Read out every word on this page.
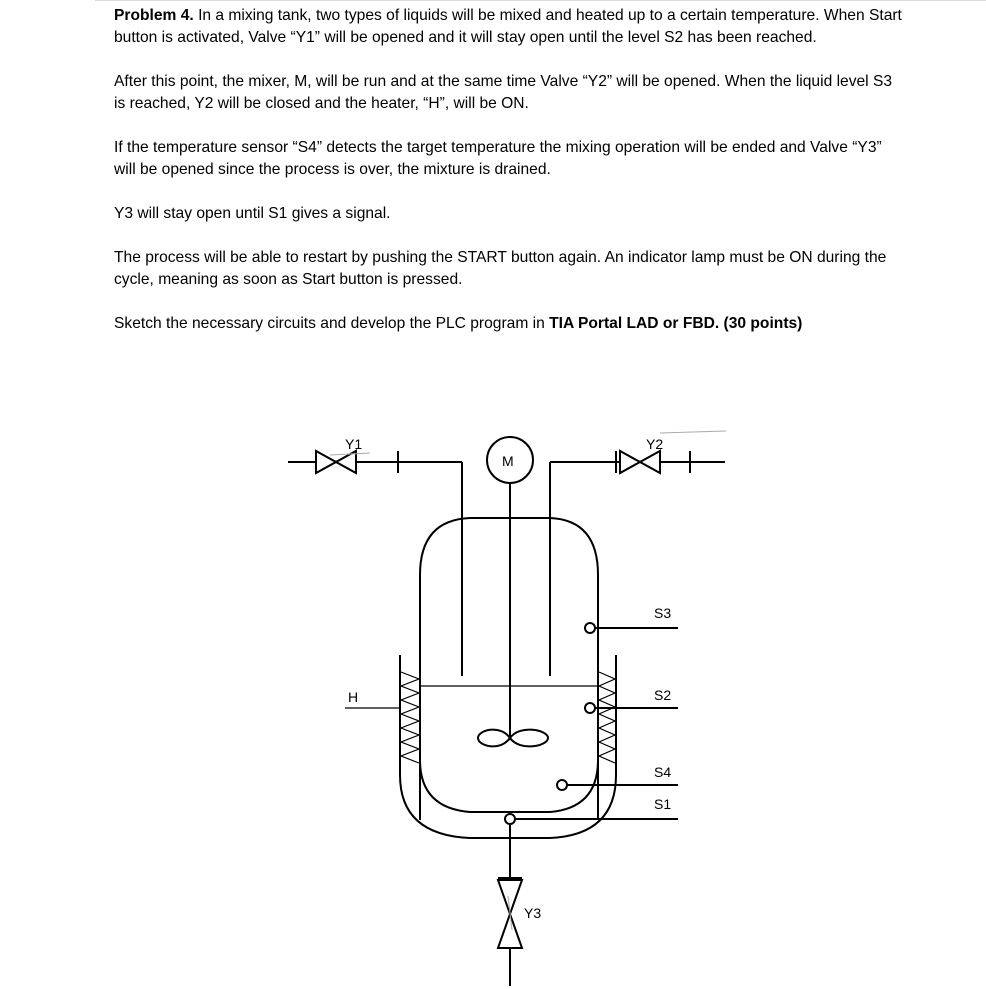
Problem 4. In a mixing tank, two types of liquids will be mixed and heated up to a certain temperature. When Start button is activated, Valve “Y1” will be opened and it will stay open until the level S2 has been reached.

After this point, the mixer, M, will be run and at the same time Valve “Y2” will be opened. When the liquid level S3 is reached, Y2 will be closed and the heater, “H”, will be ON.

If the temperature sensor “S4” detects the target temperature the mixing operation will be ended and Valve “Y3” will be opened since the process is over, the mixture is drained.

Y3 will stay open until S1 gives a signal.

The process will be able to restart by pushing the START button again. An indicator lamp must be ON during the cycle, meaning as soon as Start button is pressed.

Sketch the necessary circuits and develop the PLC program in TIA Portal LAD or FBD. (30 points)

Y1
M
Y2
H
S3
S2
S4
S1
Y3
